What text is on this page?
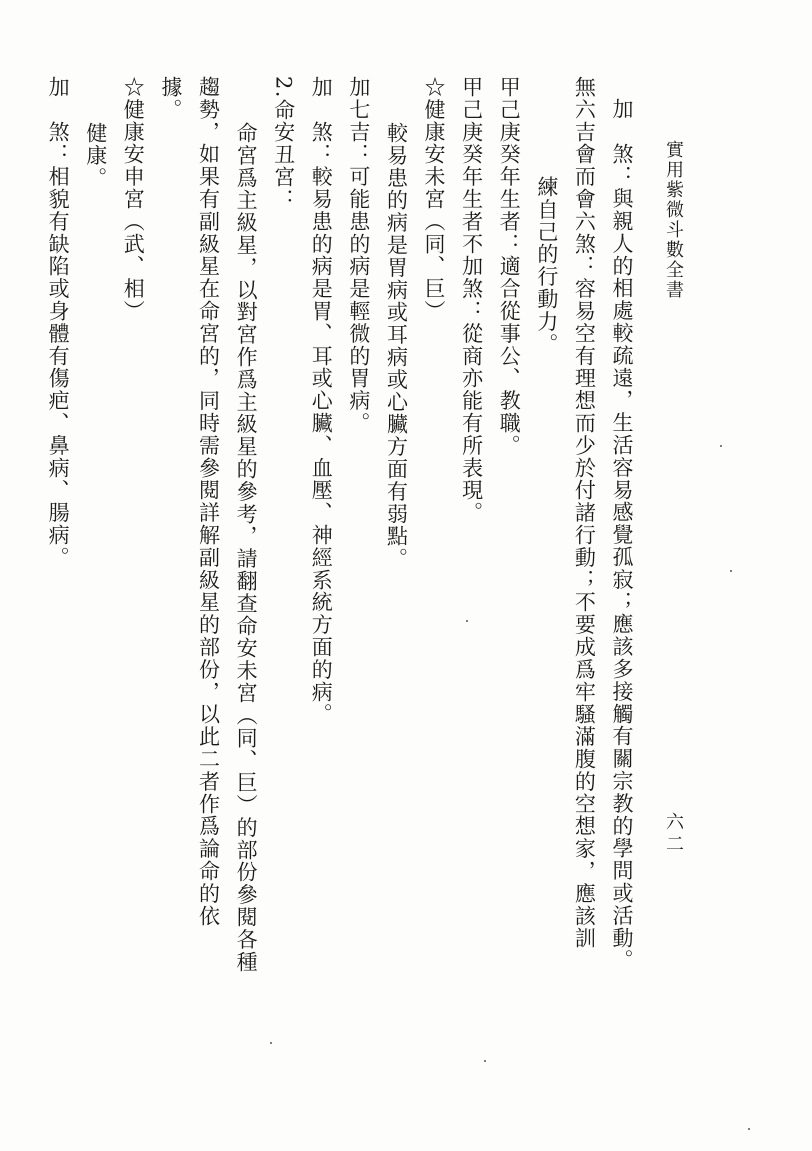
實用紫微斗數全書
六二

加　煞：與親人的相處較疏遠，生活容易感覺孤寂；應該多接觸有關宗教的學問或活動。

無六吉會而會六煞：容易空有理想而少於付諸行動；不要成爲牢騷滿腹的空想家，應該訓

練自己的行動力。

甲己庚癸年生者：適合從事公、教職。

甲己庚癸年生者不加煞：從商亦能有所表現。

☆健康安未宮（同、巨）

較易患的病是胃病或耳病或心臟方面有弱點。

加七吉：可能患的病是輕微的胃病。

加　煞：較易患的病是胃、耳或心臟、血壓、神經系統方面的病。

2.命安丑宮：

命宮爲主級星，以對宮作爲主級星的參考，請翻查命安未宮（同、巨）的部份參閱各種

趨勢，如果有副級星在命宮的，同時需參閱詳解副級星的部份，以此二者作爲論命的依

據。

☆健康安申宮（武、相）

健康。

加　煞：相貌有缺陷或身體有傷疤、鼻病、腸病。
